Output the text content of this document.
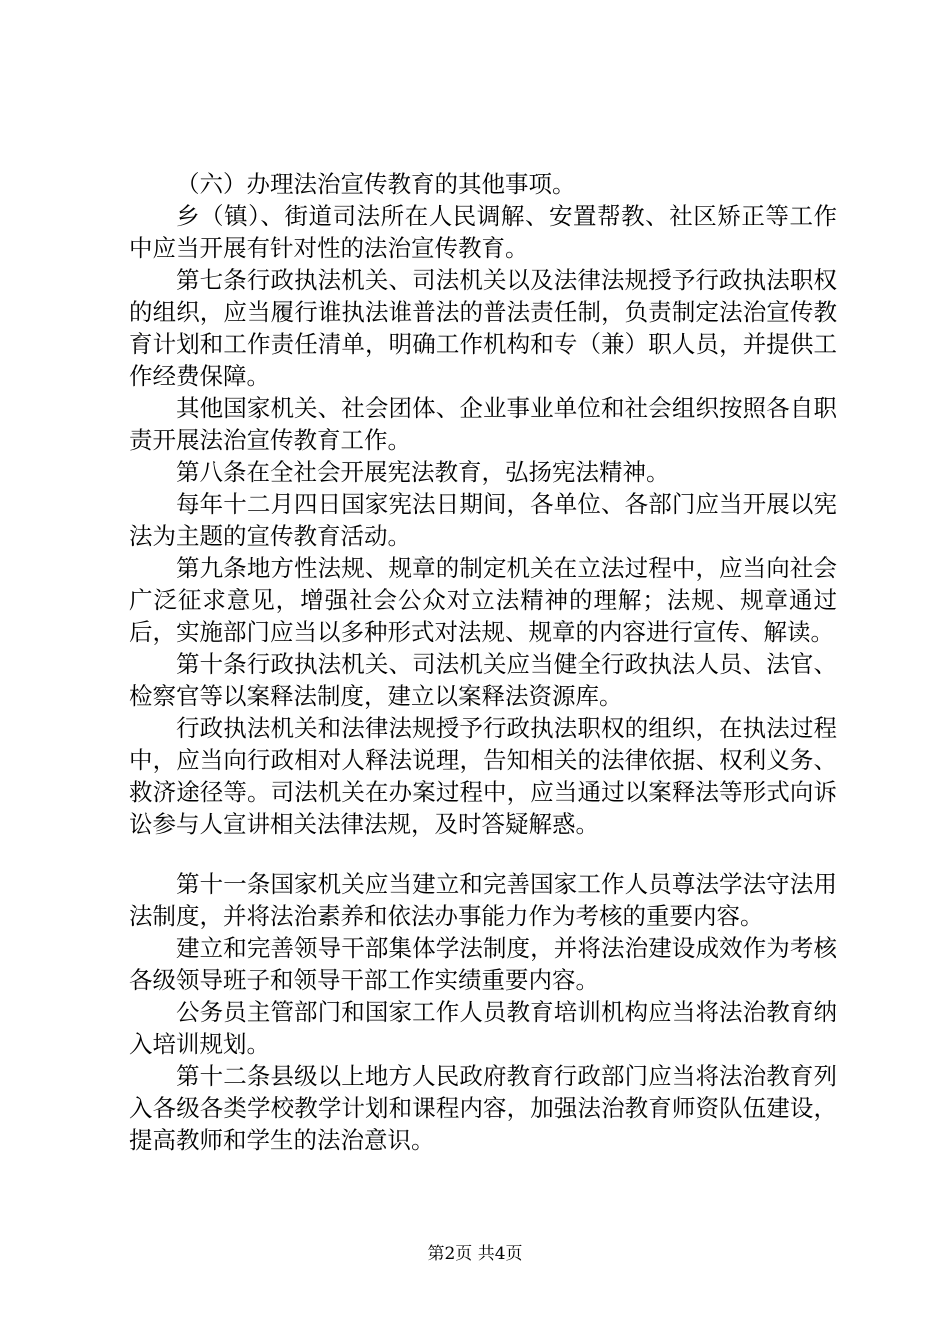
（六）办理法治宣传教育的其他事项。

乡（镇）、街道司法所在人民调解、安置帮教、社区矫正等工作中应当开展有针对性的法治宣传教育。

第七条行政执法机关、司法机关以及法律法规授予行政执法职权的组织，应当履行谁执法谁普法的普法责任制，负责制定法治宣传教育计划和工作责任清单，明确工作机构和专（兼）职人员，并提供工作经费保障。

其他国家机关、社会团体、企业事业单位和社会组织按照各自职责开展法治宣传教育工作。

第八条在全社会开展宪法教育，弘扬宪法精神。

每年十二月四日国家宪法日期间，各单位、各部门应当开展以宪法为主题的宣传教育活动。

第九条地方性法规、规章的制定机关在立法过程中，应当向社会广泛征求意见，增强社会公众对立法精神的理解；法规、规章通过后，实施部门应当以多种形式对法规、规章的内容进行宣传、解读。

第十条行政执法机关、司法机关应当健全行政执法人员、法官、检察官等以案释法制度，建立以案释法资源库。

行政执法机关和法律法规授予行政执法职权的组织，在执法过程中，应当向行政相对人释法说理，告知相关的法律依据、权利义务、救济途径等。司法机关在办案过程中，应当通过以案释法等形式向诉讼参与人宣讲相关法律法规，及时答疑解惑。

第十一条国家机关应当建立和完善国家工作人员尊法学法守法用法制度，并将法治素养和依法办事能力作为考核的重要内容。

建立和完善领导干部集体学法制度，并将法治建设成效作为考核各级领导班子和领导干部工作实绩重要内容。

公务员主管部门和国家工作人员教育培训机构应当将法治教育纳入培训规划。

第十二条县级以上地方人民政府教育行政部门应当将法治教育列入各级各类学校教学计划和课程内容，加强法治教育师资队伍建设，提高教师和学生的法治意识。

第2页 共4页
